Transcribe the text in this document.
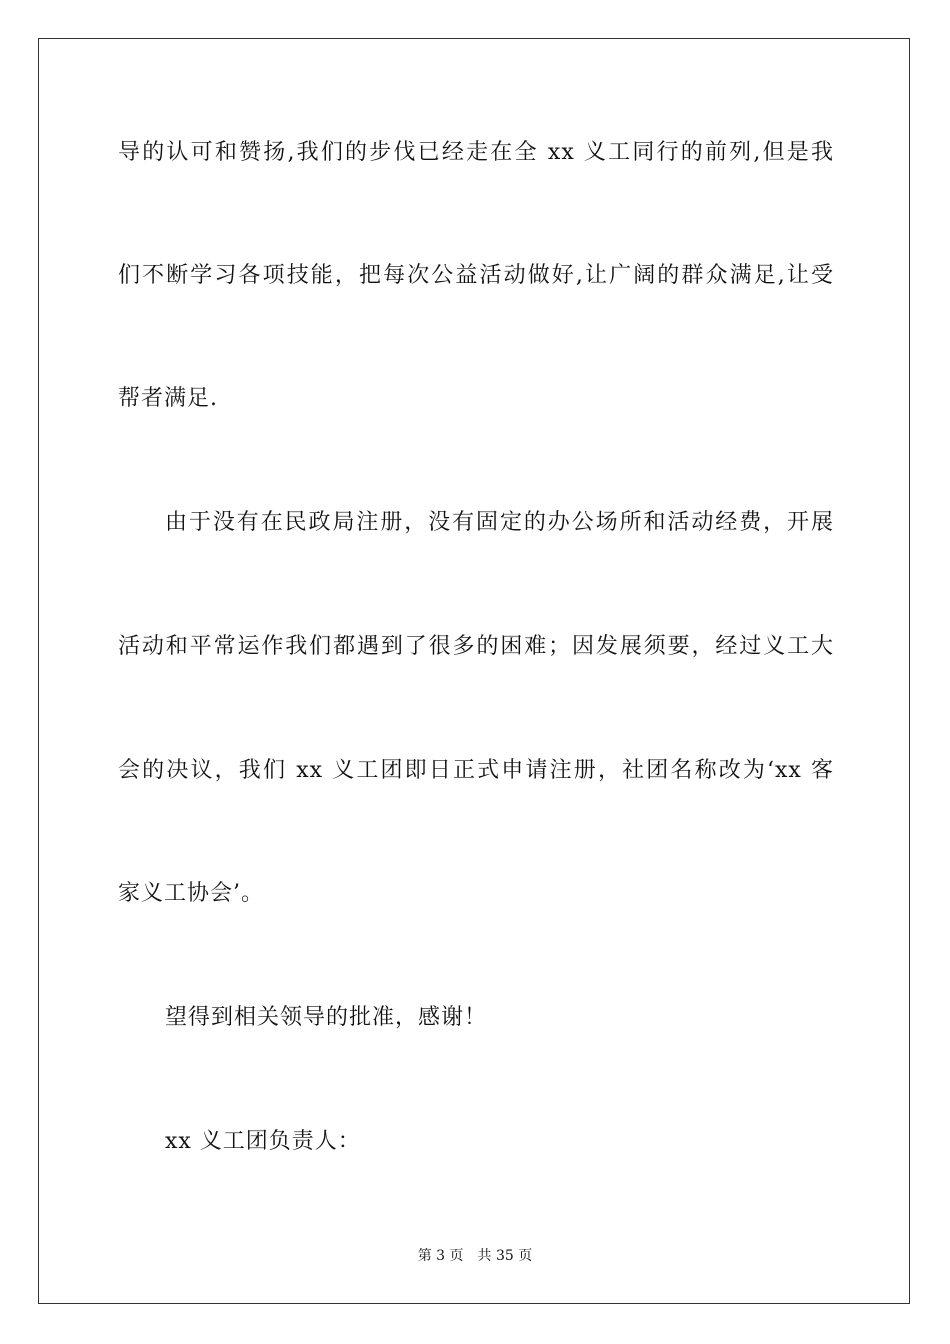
导的认可和赞扬,我们的步伐已经走在全 xx 义工同行的前列,但是我
们不断学习各项技能，把每次公益活动做好,让广阔的群众满足,让受
帮者满足.
由于没有在民政局注册，没有固定的办公场所和活动经费，开展
活动和平常运作我们都遇到了很多的困难；因发展须要，经过义工大
会的决议，我们 xx 义工团即日正式申请注册，社团名称改为‘xx 客
家义工协会’。
望得到相关领导的批准，感谢！
xx 义工团负责人：
第 3 页 共 35 页
